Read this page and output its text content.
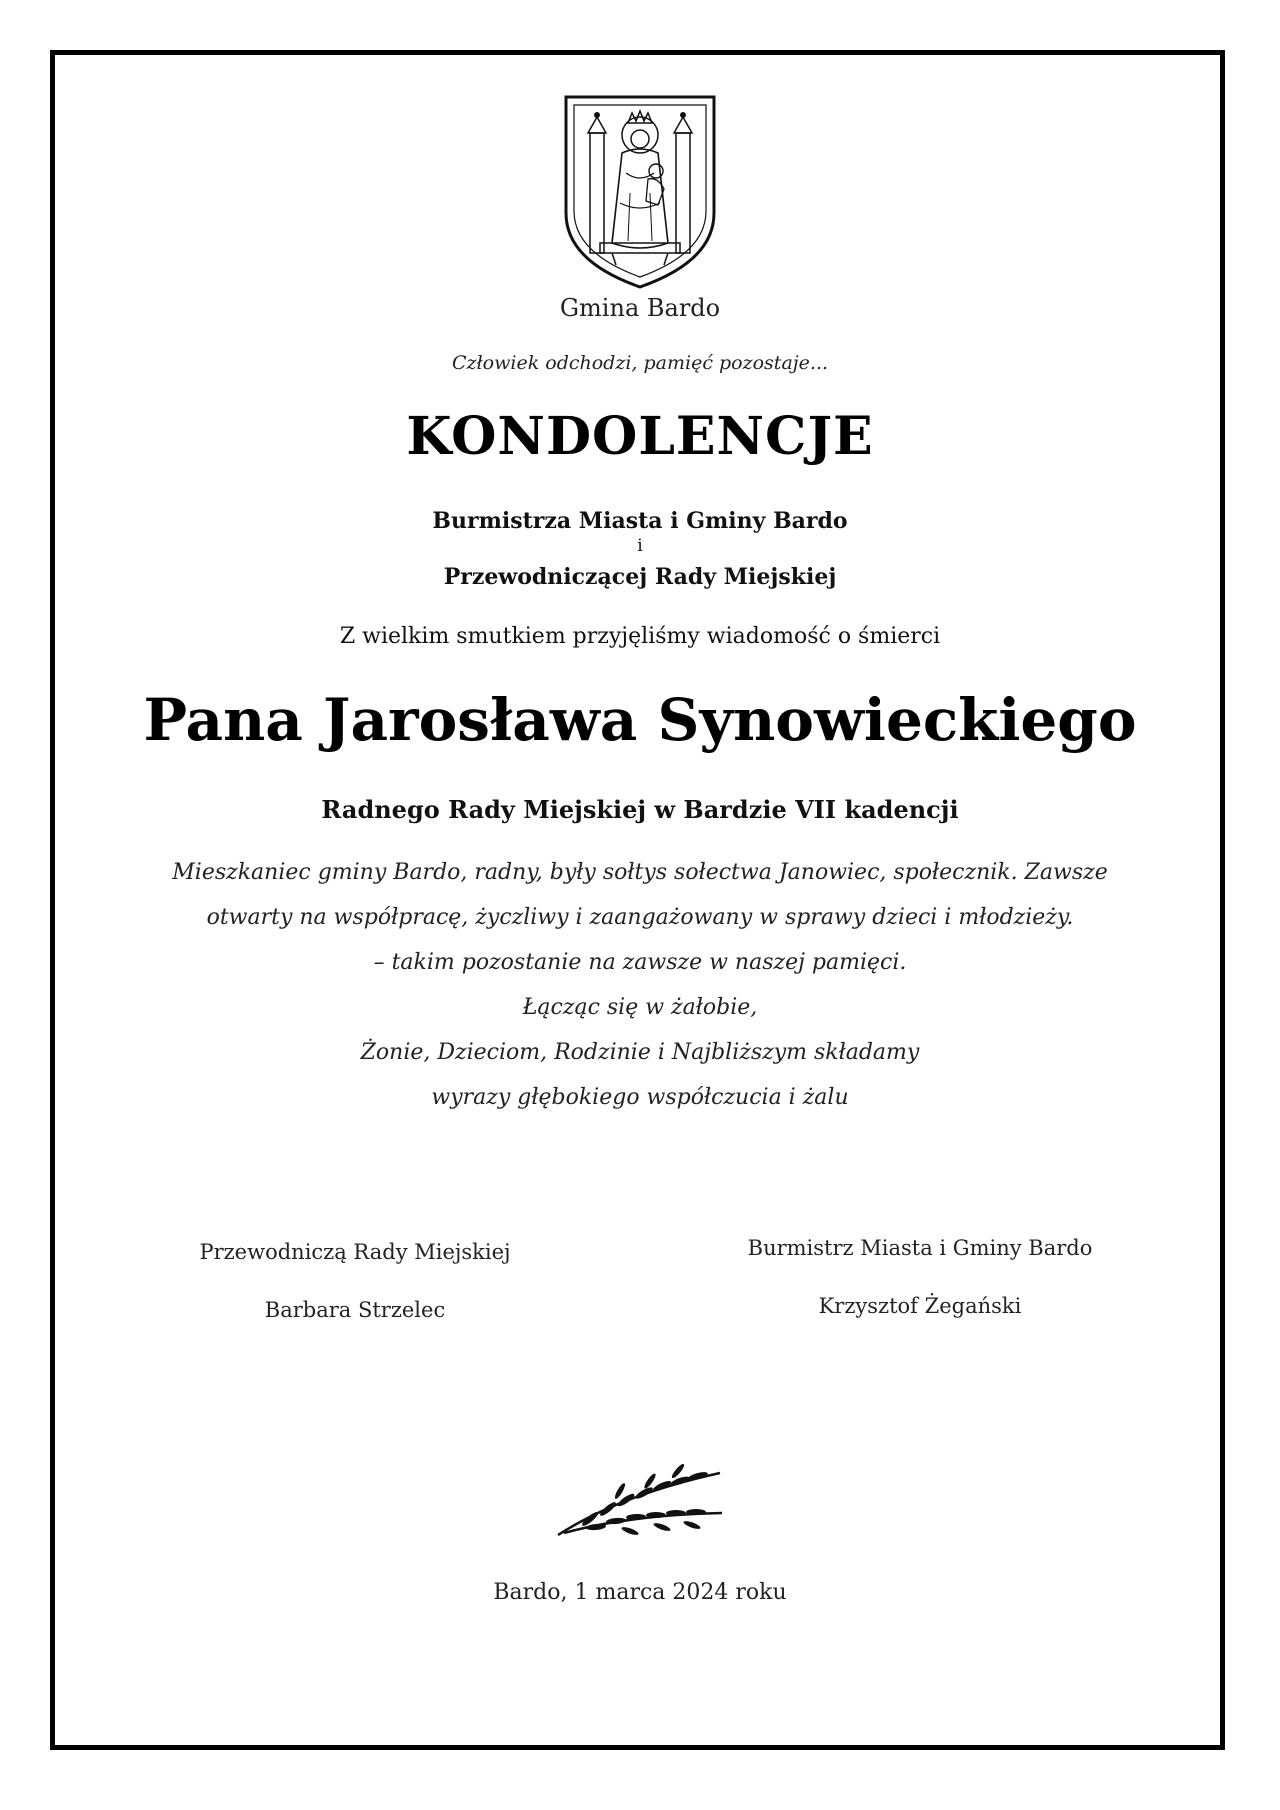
Gmina Bardo
Człowiek odchodzi, pamięć pozostaje...
KONDOLENCJE
Burmistrza Miasta i Gminy Bardo
i
Przewodniczącej Rady Miejskiej
Z wielkim smutkiem przyjęliśmy wiadomość o śmierci
Pana Jarosława Synowieckiego
Radnego Rady Miejskiej w Bardzie VII kadencji
Mieszkaniec gminy Bardo, radny, były sołtys sołectwa Janowiec, społecznik. Zawsze
otwarty na współpracę, życzliwy i zaangażowany w sprawy dzieci i młodzieży.
– takim pozostanie na zawsze w naszej pamięci.
Łącząc się w żałobie,
Żonie, Dzieciom, Rodzinie i Najbliższym składamy
wyrazy głębokiego współczucia i żalu
Przewodniczą Rady Miejskiej
Barbara Strzelec
Burmistrz Miasta i Gminy Bardo
Krzysztof Żegański
Bardo, 1 marca 2024 roku
